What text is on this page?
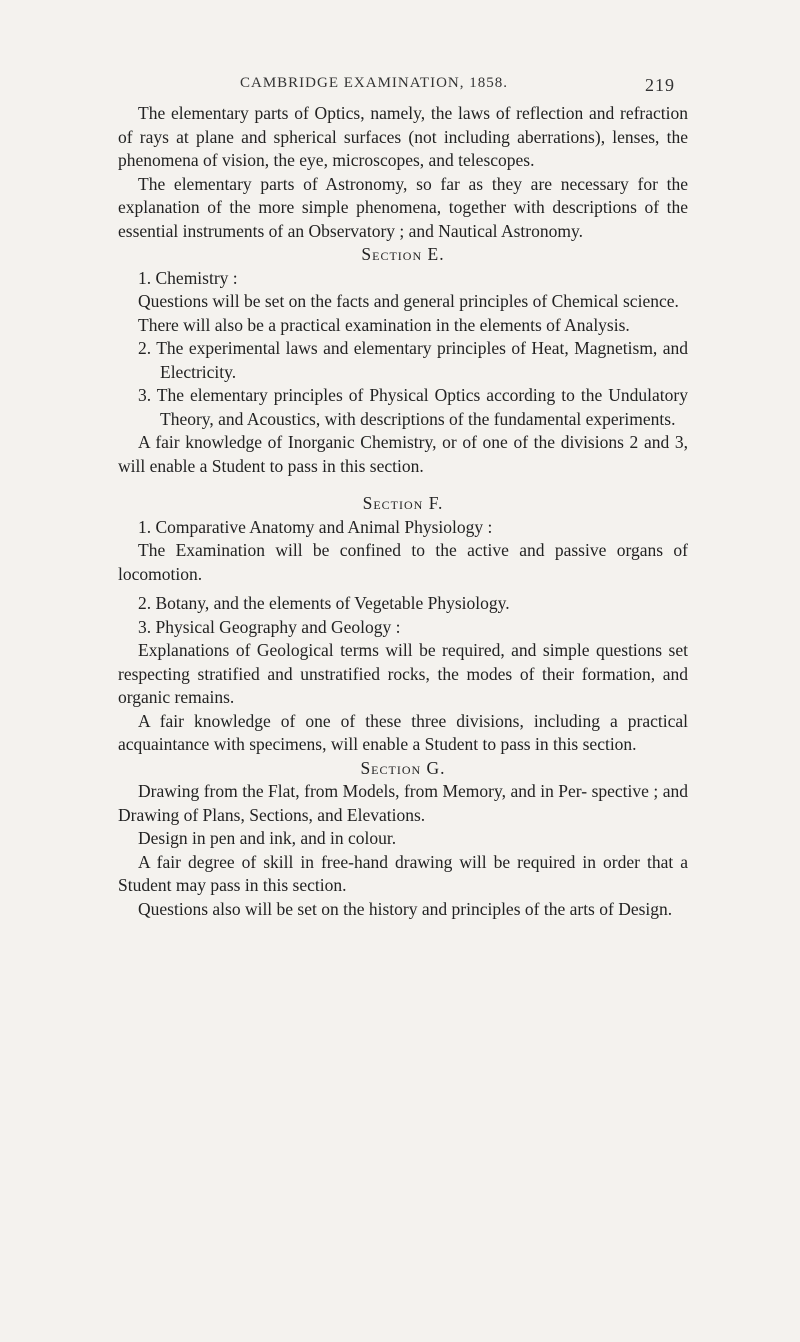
CAMBRIDGE EXAMINATION, 1858.	219

The elementary parts of Optics, namely, the laws of reflection and refraction of rays at plane and spherical surfaces (not including aberrations), lenses, the phenomena of vision, the eye, microscopes, and telescopes.

The elementary parts of Astronomy, so far as they are necessary for the explanation of the more simple phenomena, together with descriptions of the essential instruments of an Observatory ; and Nautical Astronomy.

Section E.

1. Chemistry :

Questions will be set on the facts and general principles of Chemical science.

There will also be a practical examination in the elements of Analysis.

2. The experimental laws and elementary principles of Heat, Magnetism, and Electricity.

3. The elementary principles of Physical Optics according to the Undulatory Theory, and Acoustics, with descriptions of the fundamental experiments.

A fair knowledge of Inorganic Chemistry, or of one of the divisions 2 and 3, will enable a Student to pass in this section.

Section F.

1. Comparative Anatomy and Animal Physiology :

The Examination will be confined to the active and passive organs of locomotion.

2. Botany, and the elements of Vegetable Physiology.

3. Physical Geography and Geology :

Explanations of Geological terms will be required, and simple questions set respecting stratified and unstratified rocks, the modes of their formation, and organic remains.

A fair knowledge of one of these three divisions, including a practical acquaintance with specimens, will enable a Student to pass in this section.

Section G.

Drawing from the Flat, from Models, from Memory, and in Per- spective ; and Drawing of Plans, Sections, and Elevations.

Design in pen and ink, and in colour.

A fair degree of skill in free-hand drawing will be required in order that a Student may pass in this section.

Questions also will be set on the history and principles of the arts of Design.
